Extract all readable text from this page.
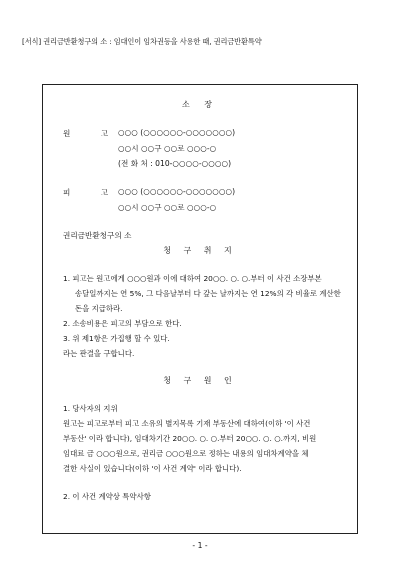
[서식] 권리금반환청구의 소 : 임대인이 임차권등을 사용한 때, 권리금반환특약
소 장
원 고
○○○ (○○○○○○-○○○○○○○)
○○시 ○○구 ○○로 ○○○-○
(전 화 처 : 010-○○○○-○○○○)
피 고
○○○ (○○○○○○-○○○○○○○)
○○시 ○○구 ○○로 ○○○-○
권리금반환청구의 소
청 구 취 지
1. 피고는 원고에게 ○○○원과 이에 대하여 20○○. ○. ○.부터 이 사건 소장부본
송달일까지는 연 5%, 그 다음날부터 다 갚는 날까지는 연 12%의 각 비율로 계산한
돈을 지급하라.
2. 소송비용은 피고의 부담으로 한다.
3. 위 제1항은 가집행 할 수 있다.
라는 판결을 구합니다.
청 구 원 인
1. 당사자의 지위
원고는 피고로부터 피고 소유의 별지목록 기재 부동산에 대하여(이하 '이 사건
부동산' 이라 합니다), 임대차기간 20○○. ○. ○.부터 20○○. ○. ○.까지, 비원
임대료 금 ○○○원으로, 권리금 ○○○원으로 정하는 내용의 임대차계약을 체
결한 사실이 있습니다(이하 '이 사건 계약' 이라 합니다).
2. 이 사건 계약상 특약사항
- 1 -
